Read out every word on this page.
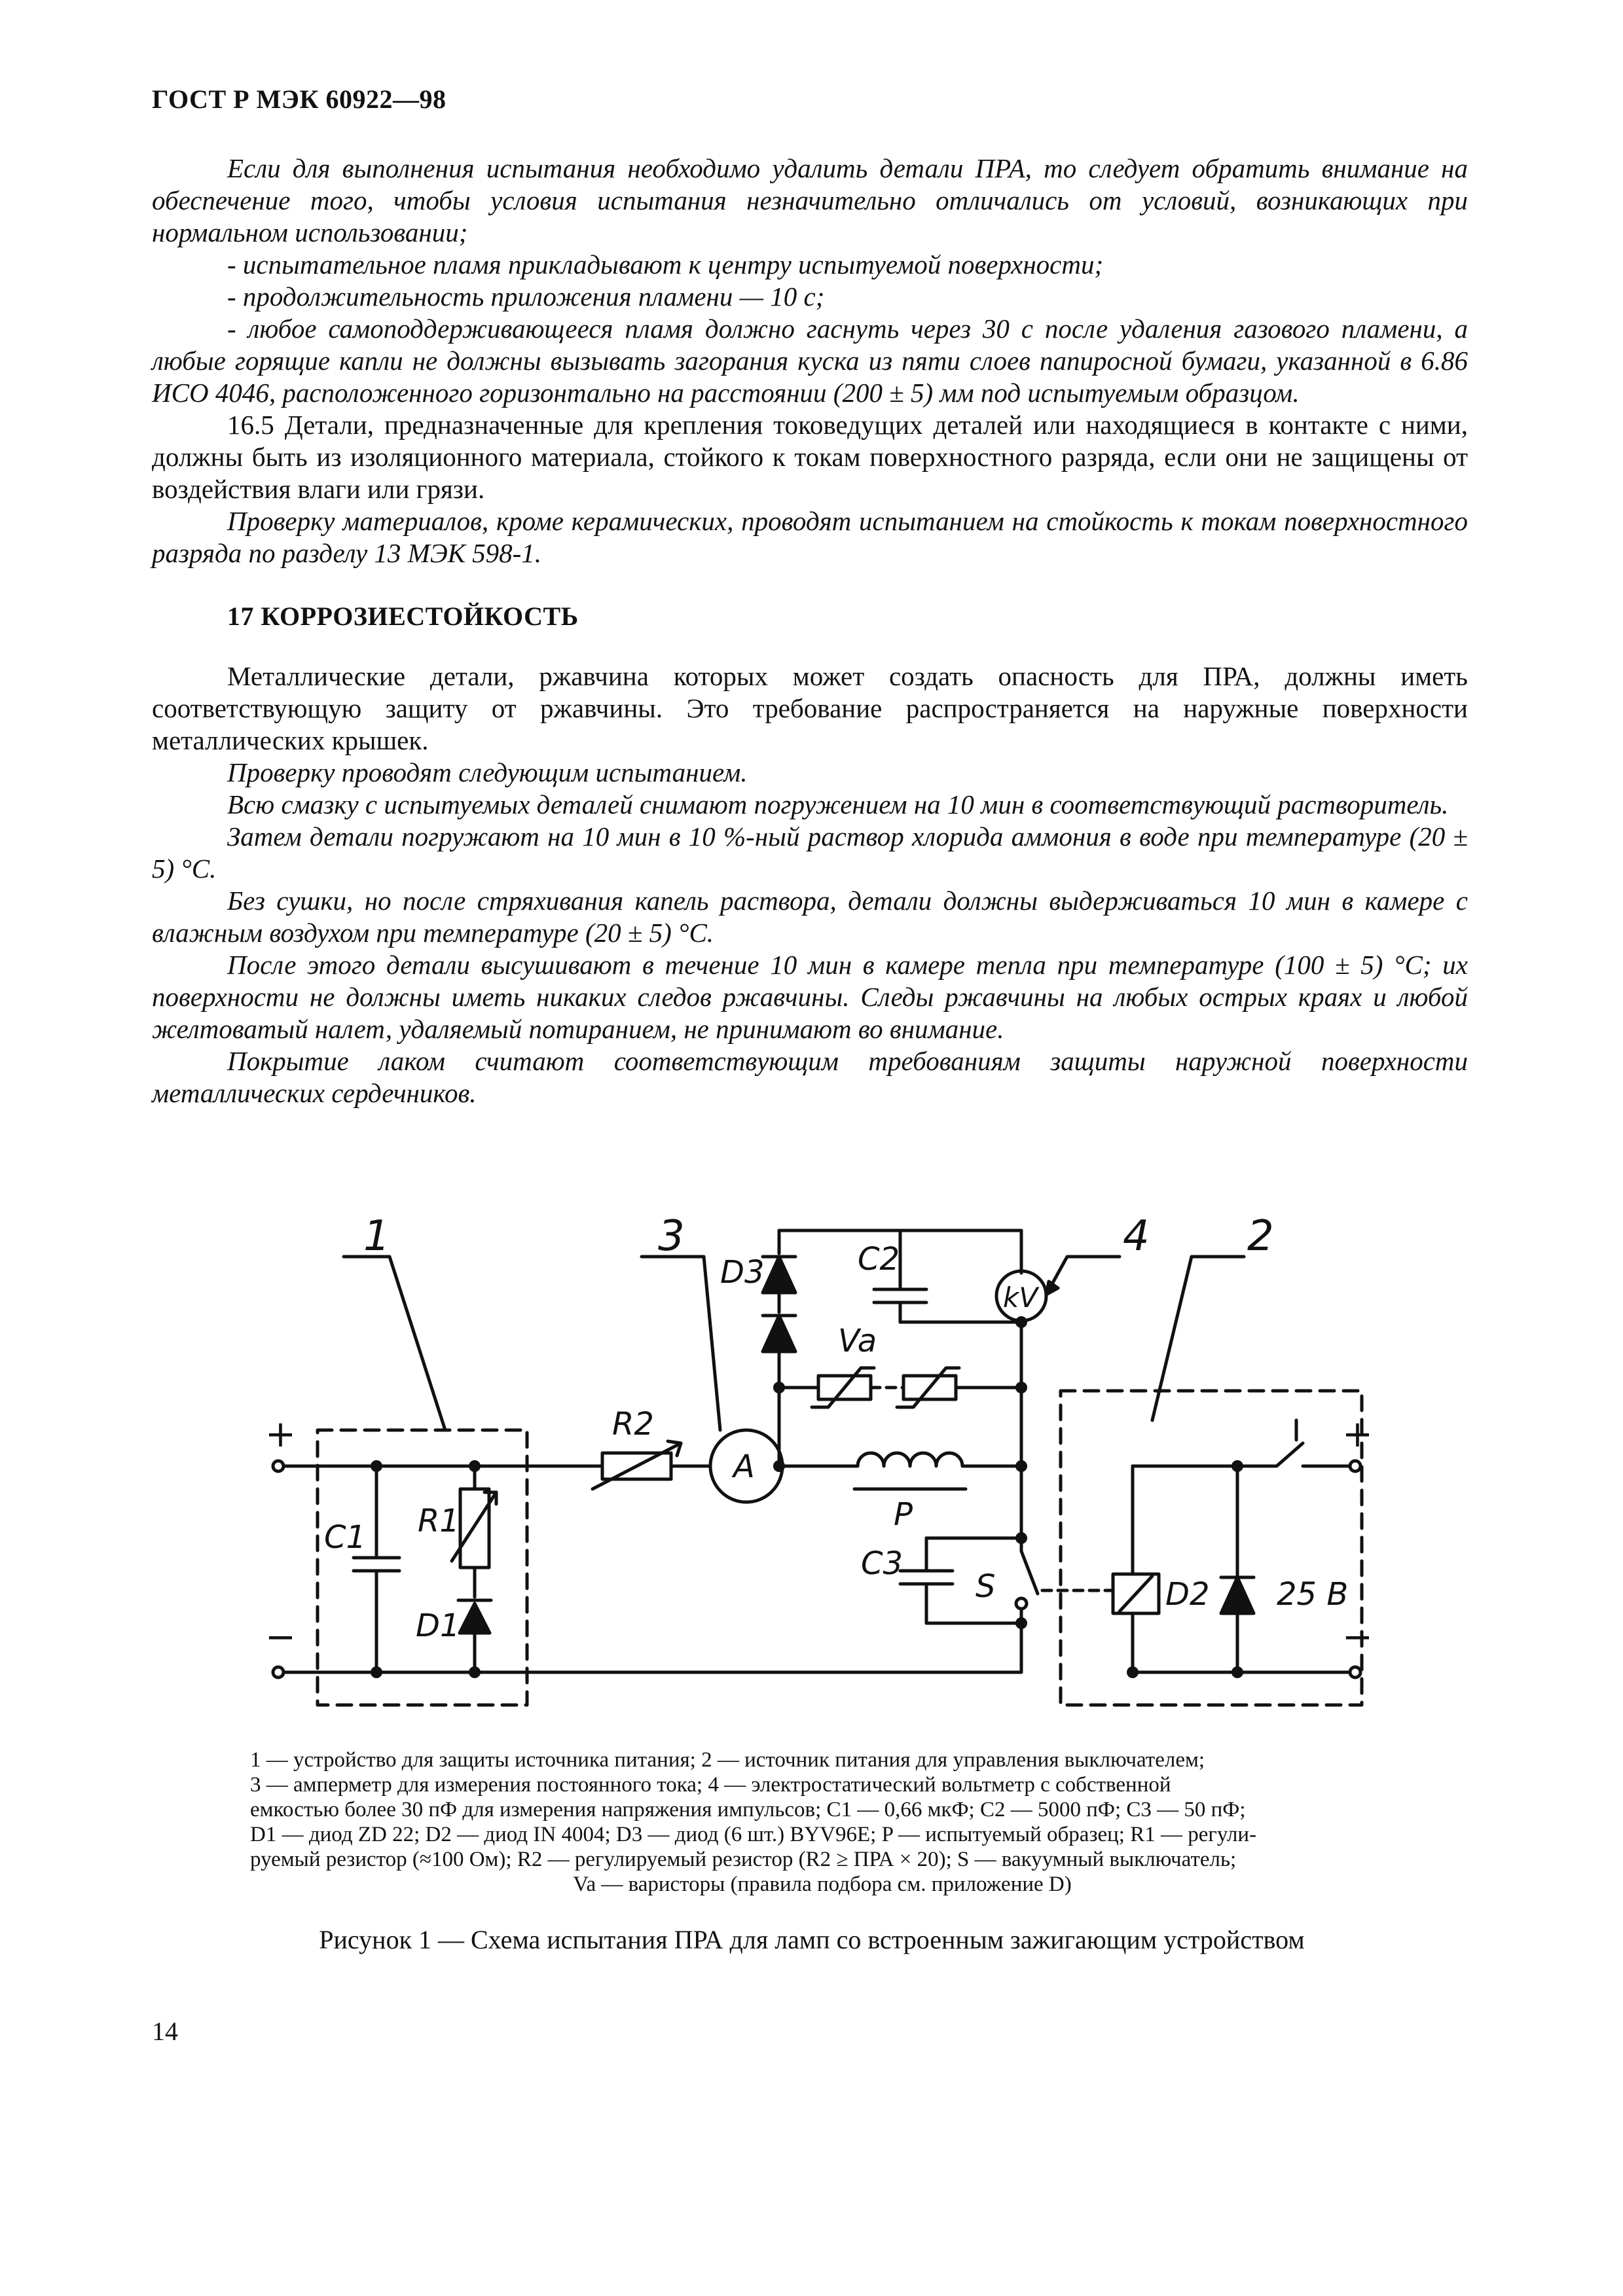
ГОСТ Р МЭК 60922—98

Если для выполнения испытания необходимо удалить детали ПРА, то следует обратить внимание на обеспечение того, чтобы условия испытания незначительно отличались от условий, возникающих при нормальном использовании;

- испытательное пламя прикладывают к центру испытуемой поверхности;

- продолжительность приложения пламени — 10 с;

- любое самоподдерживающееся пламя должно гаснуть через 30 с после удаления газового пламени, а любые горящие капли не должны вызывать загорания куска из пяти слоев папиросной бумаги, указанной в 6.86 ИСО 4046, расположенного горизонтально на расстоянии (200 ± 5) мм под испытуемым образцом.

16.5 Детали, предназначенные для крепления токоведущих деталей или находящиеся в контакте с ними, должны быть из изоляционного материала, стойкого к токам поверхностного разряда, если они не защищены от воздействия влаги или грязи.

Проверку материалов, кроме керамических, проводят испытанием на стойкость к токам поверхностного разряда по разделу 13 МЭК 598-1.

17 КОРРОЗИЕСТОЙКОСТЬ

Металлические детали, ржавчина которых может создать опасность для ПРА, должны иметь соответствующую защиту от ржавчины. Это требование распространяется на наружные поверхности металлических крышек.

Проверку проводят следующим испытанием.

Всю смазку с испытуемых деталей снимают погружением на 10 мин в соответствующий растворитель.

Затем детали погружают на 10 мин в 10 %-ный раствор хлорида аммония в воде при температуре (20 ± 5) °С.

Без сушки, но после стряхивания капель раствора, детали должны выдерживаться 10 мин в камере с влажным воздухом при температуре (20 ± 5) °С.

После этого детали высушивают в течение 10 мин в камере тепла при температуре (100 ± 5) °С; их поверхности не должны иметь никаких следов ржавчины. Следы ржавчины на любых острых краях и любой желтоватый налет, удаляемый потиранием, не принимают во внимание.

Покрытие лаком считают соответствующим требованиям защиты наружной поверхности металлических сердечников.

1	2
3	4
C1 R1
D1
R2
A
D3	C2
Va
kV
P
C3
S	D2 25 В
+
−
+
−

1 — устройство для защиты источника питания; 2 — источник питания для управления выключателем;

3 — амперметр для измерения постоянного тока; 4 — электростатический вольтметр с собственной

емкостью более 30 пФ для измерения напряжения импульсов; C1 — 0,66 мкФ; C2 — 5000 пФ; C3 — 50 пФ;

D1 — диод ZD 22; D2 — диод IN 4004; D3 — диод (6 шт.) BYV96E; P — испытуемый образец; R1 — регули-

руемый резистор (≈100 Ом); R2 — регулируемый резистор (R2 ≥ ПРА × 20); S — вакуумный выключатель;

Va — варисторы (правила подбора см. приложение D)

Рисунок 1 — Схема испытания ПРА для ламп со встроенным зажигающим устройством
14
